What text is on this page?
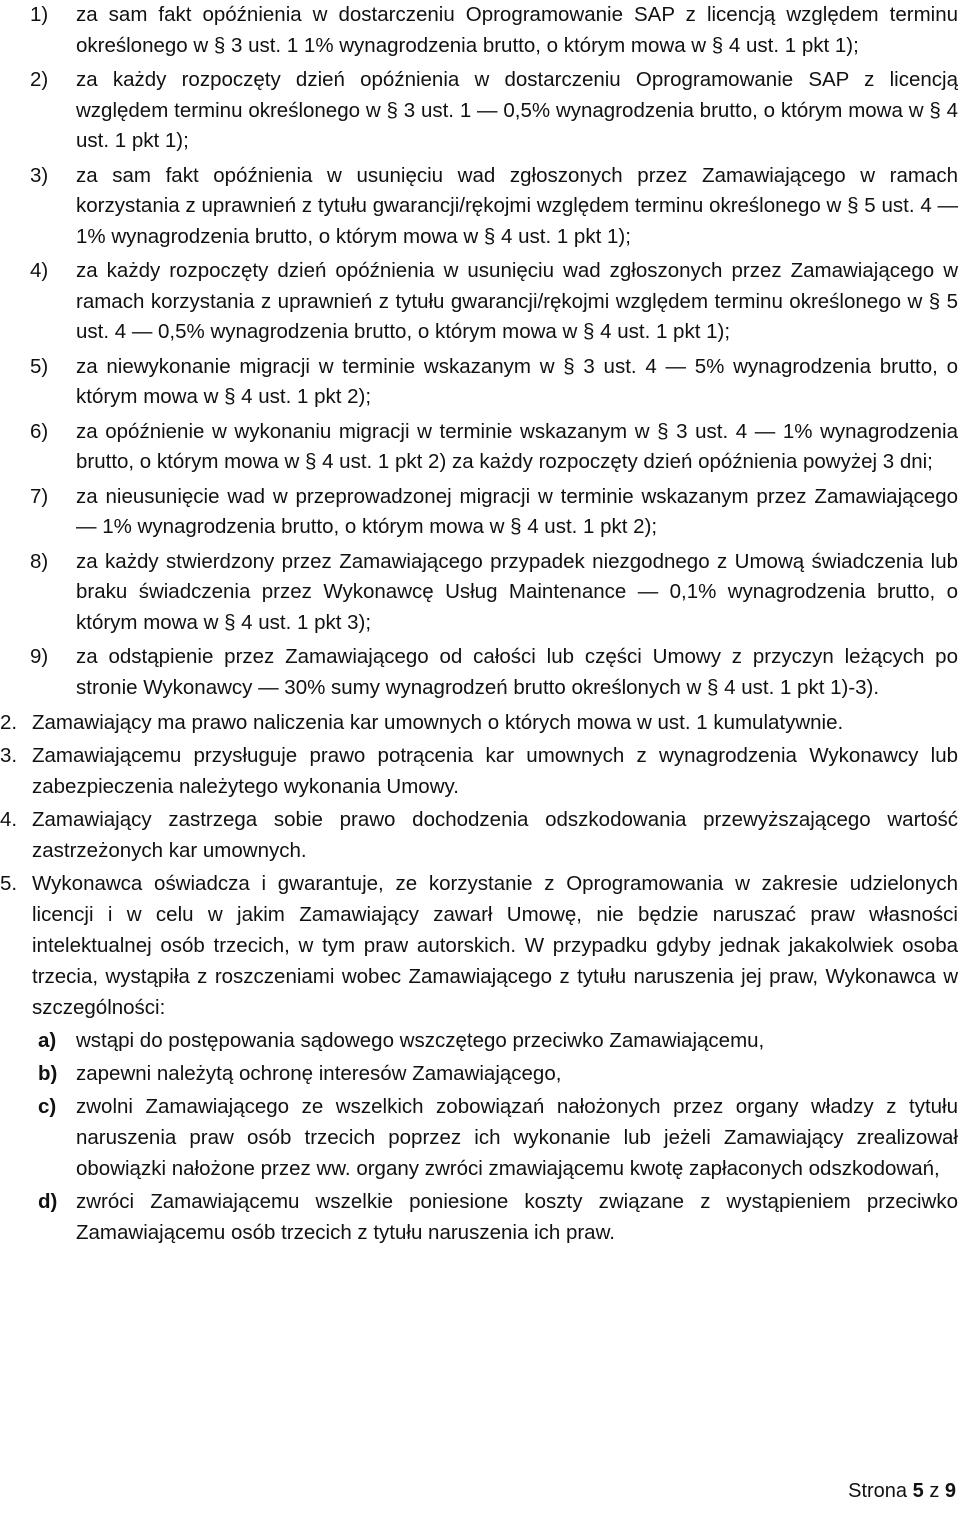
1)	za sam fakt opóźnienia w dostarczeniu Oprogramowanie SAP z licencją względem terminu określonego w § 3 ust. 1 1% wynagrodzenia brutto, o którym mowa w § 4 ust. 1 pkt 1);
2)	za każdy rozpoczęty dzień opóźnienia w dostarczeniu Oprogramowanie SAP z licencją względem terminu określonego w § 3 ust. 1 — 0,5% wynagrodzenia brutto, o którym mowa w § 4 ust. 1 pkt 1);
3)	za sam fakt opóźnienia w usunięciu wad zgłoszonych przez Zamawiającego w ramach korzystania z uprawnień z tytułu gwarancji/rękojmi względem terminu określonego w § 5 ust. 4 — 1% wynagrodzenia brutto, o którym mowa w § 4 ust. 1 pkt 1);
4)	za każdy rozpoczęty dzień opóźnienia w usunięciu wad zgłoszonych przez Zamawiającego w ramach korzystania z uprawnień z tytułu gwarancji/rękojmi względem terminu określonego w § 5 ust. 4 — 0,5% wynagrodzenia brutto, o którym mowa w § 4 ust. 1 pkt 1);
5)	za niewykonanie migracji w terminie wskazanym w § 3 ust. 4 — 5% wynagrodzenia brutto, o którym mowa w § 4 ust. 1 pkt 2);
6)	za opóźnienie w wykonaniu migracji w terminie wskazanym w § 3 ust. 4 — 1% wynagrodzenia brutto, o którym mowa w § 4 ust. 1 pkt 2) za każdy rozpoczęty dzień opóźnienia powyżej 3 dni;
7)	za nieusunięcie wad w przeprowadzonej migracji w terminie wskazanym przez Zamawiającego — 1% wynagrodzenia brutto, o którym mowa w § 4 ust. 1 pkt 2);
8)	za każdy stwierdzony przez Zamawiającego przypadek niezgodnego z Umową świadczenia lub braku świadczenia przez Wykonawcę Usług Maintenance — 0,1% wynagrodzenia brutto, o którym mowa w § 4 ust. 1 pkt 3);
9)	za odstąpienie przez Zamawiającego od całości lub części Umowy z przyczyn leżących po stronie Wykonawcy — 30% sumy wynagrodzeń brutto określonych w § 4 ust. 1 pkt 1)-3).
2. Zamawiający ma prawo naliczenia kar umownych o których mowa w ust. 1 kumulatywnie.
3. Zamawiającemu przysługuje prawo potrącenia kar umownych z wynagrodzenia Wykonawcy lub zabezpieczenia należytego wykonania Umowy.
4. Zamawiający zastrzega sobie prawo dochodzenia odszkodowania przewyższającego wartość zastrzeżonych kar umownych.
5. Wykonawca oświadcza i gwarantuje, ze korzystanie z Oprogramowania w zakresie udzielonych licencji i w celu w jakim Zamawiający zawarł Umowę, nie będzie naruszać praw własności intelektualnej osób trzecich, w tym praw autorskich. W przypadku gdyby jednak jakakolwiek osoba trzecia, wystąpiła z roszczeniami wobec Zamawiającego z tytułu naruszenia jej praw, Wykonawca w szczególności:
a) wstąpi do postępowania sądowego wszczętego przeciwko Zamawiającemu,
b) zapewni należytą ochronę interesów Zamawiającego,
c) zwolni Zamawiającego ze wszelkich zobowiązań nałożonych przez organy władzy z tytułu naruszenia praw osób trzecich poprzez ich wykonanie lub jeżeli Zamawiający zrealizował obowiązki nałożone przez ww. organy zwróci zmawiającemu kwotę zapłaconych odszkodowań,
d) zwróci Zamawiającemu wszelkie poniesione koszty związane z wystąpieniem przeciwko Zamawiającemu osób trzecich z tytułu naruszenia ich praw.
Strona 5 z 9
